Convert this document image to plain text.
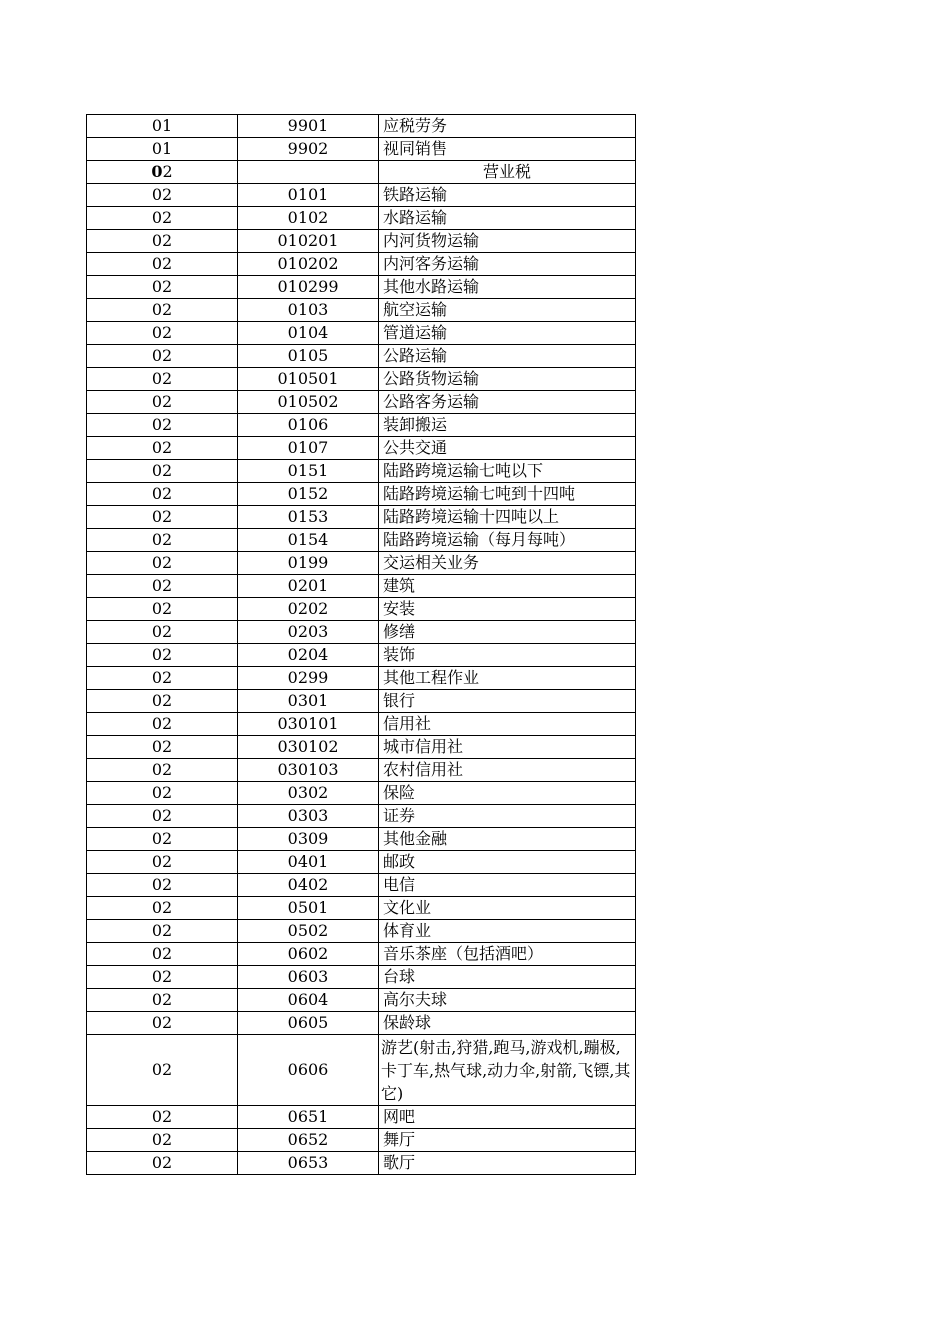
01	9901	应税劳务
01	9902	视同销售
02		营业税
02	0101	铁路运输
02	0102	水路运输
02	010201	内河货物运输
02	010202	内河客务运输
02	010299	其他水路运输
02	0103	航空运输
02	0104	管道运输
02	0105	公路运输
02	010501	公路货物运输
02	010502	公路客务运输
02	0106	装卸搬运
02	0107	公共交通
02	0151	陆路跨境运输七吨以下
02	0152	陆路跨境运输七吨到十四吨
02	0153	陆路跨境运输十四吨以上
02	0154	陆路跨境运输（每月每吨）
02	0199	交运相关业务
02	0201	建筑
02	0202	安装
02	0203	修缮
02	0204	装饰
02	0299	其他工程作业
02	0301	银行
02	030101	信用社
02	030102	城市信用社
02	030103	农村信用社
02	0302	保险
02	0303	证券
02	0309	其他金融
02	0401	邮政
02	0402	电信
02	0501	文化业
02	0502	体育业
02	0602	音乐茶座（包括酒吧）
02	0603	台球
02	0604	高尔夫球
02	0605	保龄球
02	0606	游艺(射击,狩猎,跑马,游戏机,蹦极,卡丁车,热气球,动力伞,射箭,飞镖,其它)
02	0651	网吧
02	0652	舞厅
02	0653	歌厅
